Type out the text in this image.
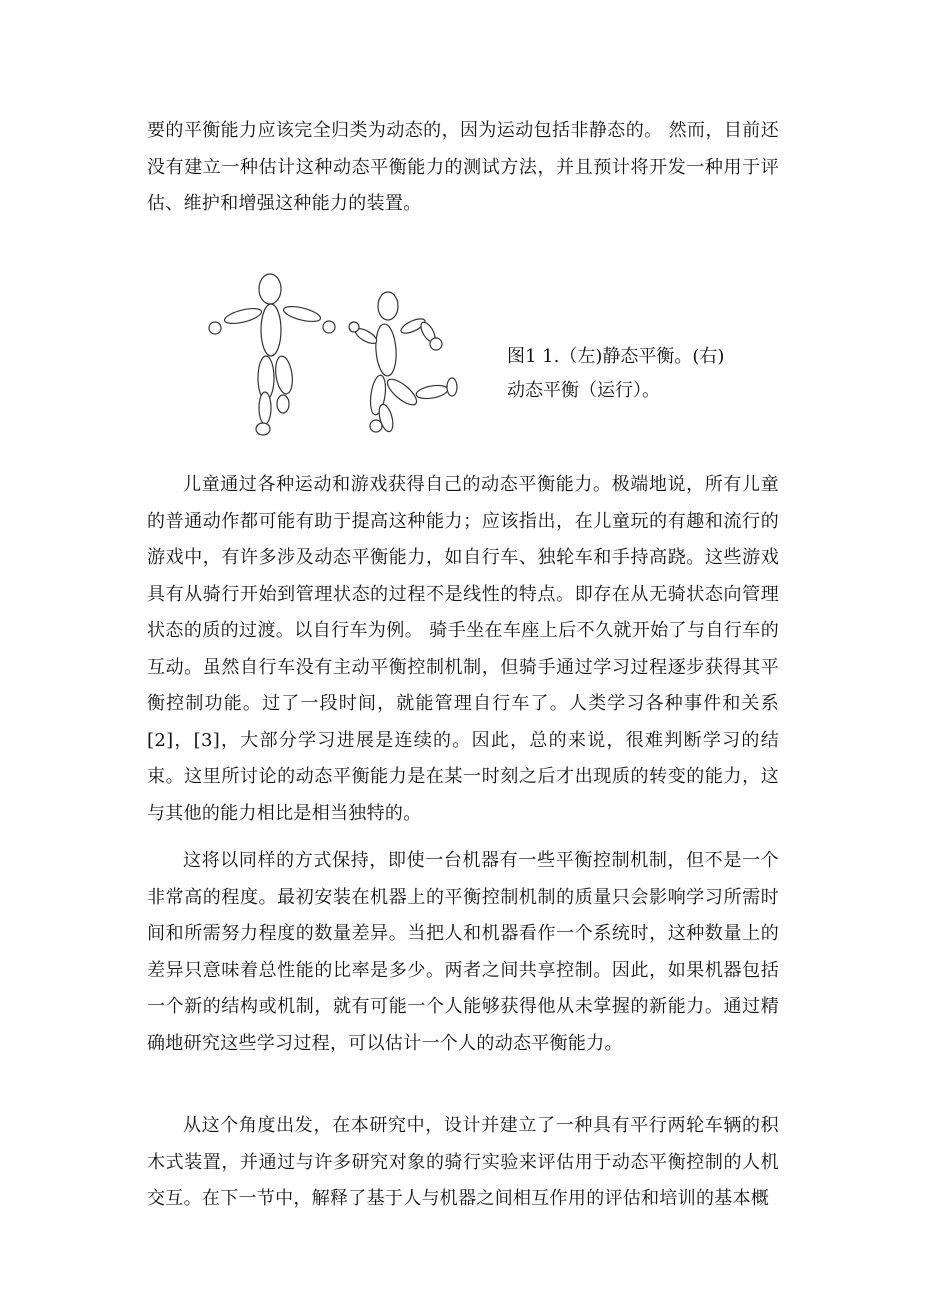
要的平衡能力应该完全归类为动态的，因为运动包括非静态的。 然而，目前还没有建立一种估计这种动态平衡能力的测试方法，并且预计将开发一种用于评估、维护和增强这种能力的装置。

图1 1.（左)静态平衡。(右)
动态平衡（运行）。

儿童通过各种运动和游戏获得自己的动态平衡能力。极端地说，所有儿童的普通动作都可能有助于提高这种能力；应该指出，在儿童玩的有趣和流行的游戏中，有许多涉及动态平衡能力，如自行车、独轮车和手持高跷。这些游戏具有从骑行开始到管理状态的过程不是线性的特点。即存在从无骑状态向管理状态的质的过渡。以自行车为例。 骑手坐在车座上后不久就开始了与自行车的互动。虽然自行车没有主动平衡控制机制，但骑手通过学习过程逐步获得其平衡控制功能。过了一段时间，就能管理自行车了。人类学习各种事件和关系[2]，[3]，大部分学习进展是连续的。因此，总的来说，很难判断学习的结束。这里所讨论的动态平衡能力是在某一时刻之后才出现质的转变的能力，这与其他的能力相比是相当独特的。

这将以同样的方式保持，即使一台机器有一些平衡控制机制，但不是一个非常高的程度。最初安装在机器上的平衡控制机制的质量只会影响学习所需时间和所需努力程度的数量差异。当把人和机器看作一个系统时，这种数量上的差异只意味着总性能的比率是多少。两者之间共享控制。因此，如果机器包括一个新的结构或机制，就有可能一个人能够获得他从未掌握的新能力。通过精确地研究这些学习过程，可以估计一个人的动态平衡能力。

从这个角度出发，在本研究中，设计并建立了一种具有平行两轮车辆的积木式装置，并通过与许多研究对象的骑行实验来评估用于动态平衡控制的人机交互。在下一节中，解释了基于人与机器之间相互作用的评估和培训的基本概
